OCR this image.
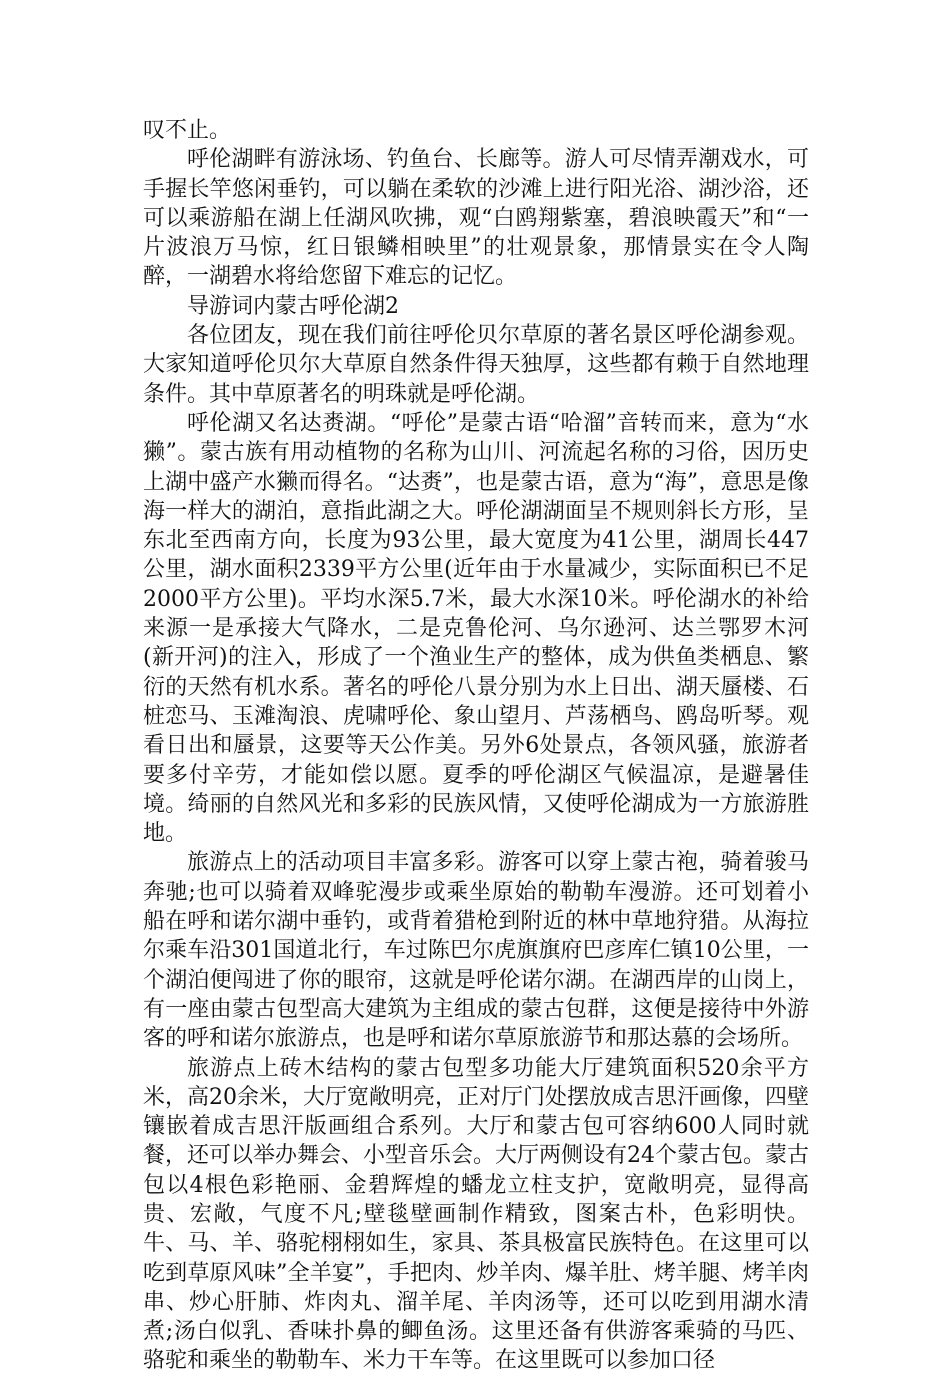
叹不止。

呼伦湖畔有游泳场、钓鱼台、长廊等。游人可尽情弄潮戏水，可手握长竿悠闲垂钓，可以躺在柔软的沙滩上进行阳光浴、湖沙浴，还可以乘游船在湖上任湖风吹拂，观“白鸥翔紫塞，碧浪映霞天”和“一片波浪万马惊，红日银鳞相映里”的壮观景象，那情景实在令人陶醉，一湖碧水将给您留下难忘的记忆。

导游词内蒙古呼伦湖2

各位团友，现在我们前往呼伦贝尔草原的著名景区呼伦湖参观。大家知道呼伦贝尔大草原自然条件得天独厚，这些都有赖于自然地理条件。其中草原著名的明珠就是呼伦湖。

呼伦湖又名达赉湖。“呼伦”是蒙古语“哈溜”音转而来，意为“水獭”。蒙古族有用动植物的名称为山川、河流起名称的习俗，因历史上湖中盛产水獭而得名。“达赉”，也是蒙古语，意为“海”，意思是像海一样大的湖泊，意指此湖之大。呼伦湖湖面呈不规则斜长方形，呈东北至西南方向，长度为93公里，最大宽度为41公里，湖周长447公里，湖水面积2339平方公里(近年由于水量减少，实际面积已不足2000平方公里)。平均水深5.7米，最大水深10米。呼伦湖水的补给来源一是承接大气降水，二是克鲁伦河、乌尔逊河、达兰鄂罗木河(新开河)的注入，形成了一个渔业生产的整体，成为供鱼类栖息、繁衍的天然有机水系。著名的呼伦八景分别为水上日出、湖天蜃楼、石桩恋马、玉滩淘浪、虎啸呼伦、象山望月、芦荡栖鸟、鸥岛听琴。观看日出和蜃景，这要等天公作美。另外6处景点，各领风骚，旅游者要多付辛劳，才能如偿以愿。夏季的呼伦湖区气候温凉，是避暑佳境。绮丽的自然风光和多彩的民族风情，又使呼伦湖成为一方旅游胜地。

旅游点上的活动项目丰富多彩。游客可以穿上蒙古袍，骑着骏马奔驰;也可以骑着双峰驼漫步或乘坐原始的勒勒车漫游。还可划着小船在呼和诺尔湖中垂钓，或背着猎枪到附近的林中草地狩猎。从海拉尔乘车沿301国道北行，车过陈巴尔虎旗旗府巴彦库仁镇10公里，一个湖泊便闯进了你的眼帘，这就是呼伦诺尔湖。在湖西岸的山岗上，有一座由蒙古包型高大建筑为主组成的蒙古包群，这便是接待中外游客的呼和诺尔旅游点，也是呼和诺尔草原旅游节和那达慕的会场所。

旅游点上砖木结构的蒙古包型多功能大厅建筑面积520余平方米，高20余米，大厅宽敞明亮，正对厅门处摆放成吉思汗画像，四壁镶嵌着成吉思汗版画组合系列。大厅和蒙古包可容纳600人同时就餐，还可以举办舞会、小型音乐会。大厅两侧设有24个蒙古包。蒙古包以4根色彩艳丽、金碧辉煌的蟠龙立柱支护，宽敞明亮，显得高贵、宏敞，气度不凡;壁毯壁画制作精致，图案古朴，色彩明快。牛、马、羊、骆驼栩栩如生，家具、茶具极富民族特色。在这里可以吃到草原风味”全羊宴”，手把肉、炒羊肉、爆羊肚、烤羊腿、烤羊肉串、炒心肝肺、炸肉丸、溜羊尾、羊肉汤等，还可以吃到用湖水清煮;汤白似乳、香味扑鼻的鲫鱼汤。这里还备有供游客乘骑的马匹、骆驼和乘坐的勒勒车、米力干车等。在这里既可以参加口径
